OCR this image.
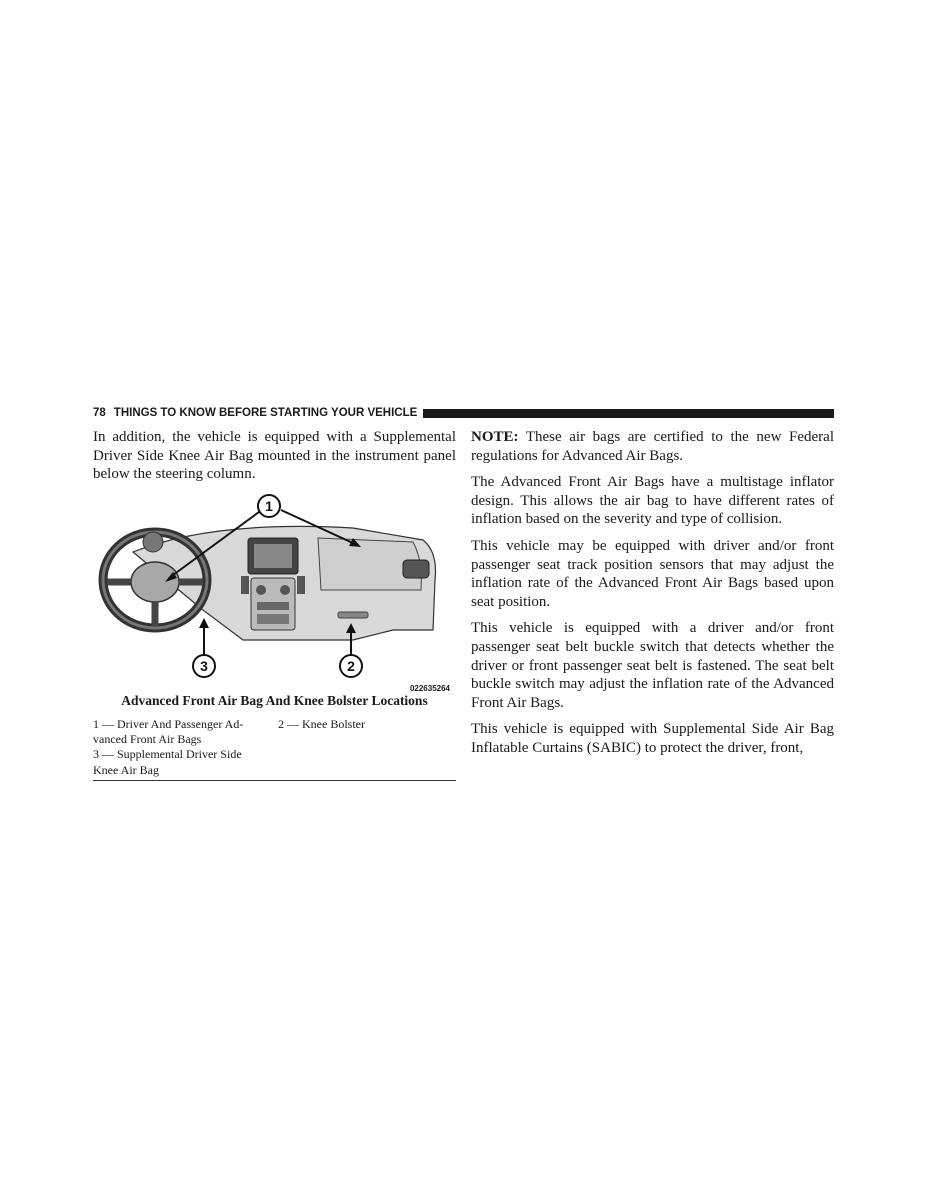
78 THINGS TO KNOW BEFORE STARTING YOUR VEHICLE

In addition, the vehicle is equipped with a Supplemental Driver Side Knee Air Bag mounted in the instrument panel below the steering column.

1
3	2
022635264
Advanced Front Air Bag And Knee Bolster Locations
1 — Driver And Passenger Ad-	2 — Knee Bolster
vanced Front Air Bags
3 — Supplemental Driver Side
Knee Air Bag

NOTE: These air bags are certified to the new Federal regulations for Advanced Air Bags.

The Advanced Front Air Bags have a multistage inflator design. This allows the air bag to have different rates of inflation based on the severity and type of collision.

This vehicle may be equipped with driver and/or front passenger seat track position sensors that may adjust the inflation rate of the Advanced Front Air Bags based upon seat position.

This vehicle is equipped with a driver and/or front passenger seat belt buckle switch that detects whether the driver or front passenger seat belt is fastened. The seat belt buckle switch may adjust the inflation rate of the Advanced Front Air Bags.

This vehicle is equipped with Supplemental Side Air Bag Inflatable Curtains (SABIC) to protect the driver, front,
